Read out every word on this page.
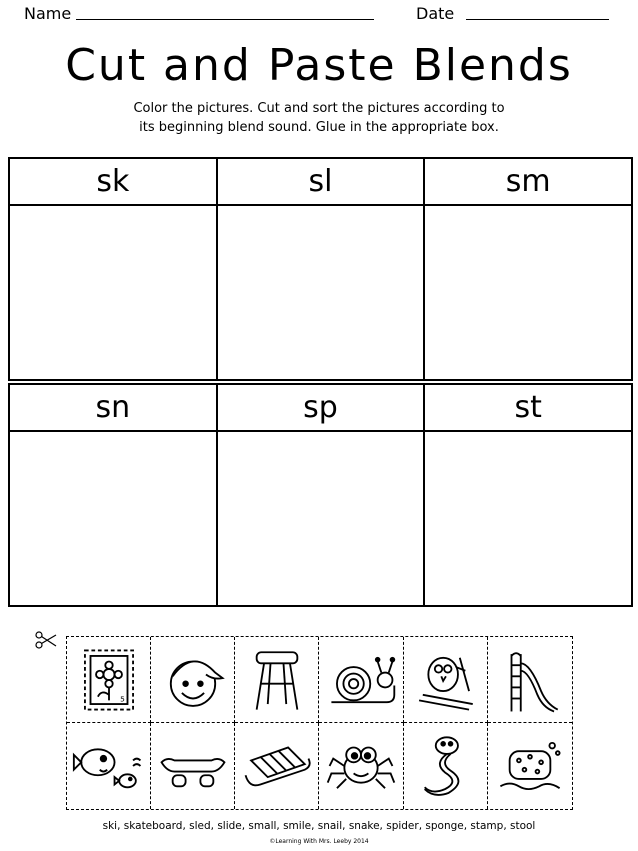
Name	Date
Cut and Paste Blends
Color the pictures. Cut and sort the pictures according to
its beginning blend sound. Glue in the appropriate box.
sk	sl	sm
sn	sp	st
5
ski, skateboard, sled, slide, small, smile, snail, snake, spider, sponge, stamp, stool
©Learning With Mrs. Leeby 2014
